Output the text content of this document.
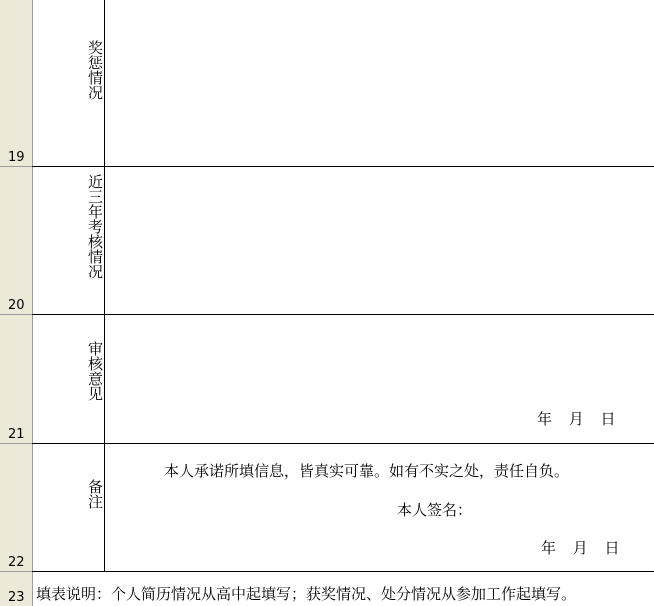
19
奖惩情况
20
近三年考核情况
21
审核意见
年 月 日
22
备注
本人承诺所填信息，皆真实可靠。如有不实之处，责任自负。
本人签名：
年 月 日
23 填表说明：个人简历情况从高中起填写；获奖情况、处分情况从参加工作起填写。
